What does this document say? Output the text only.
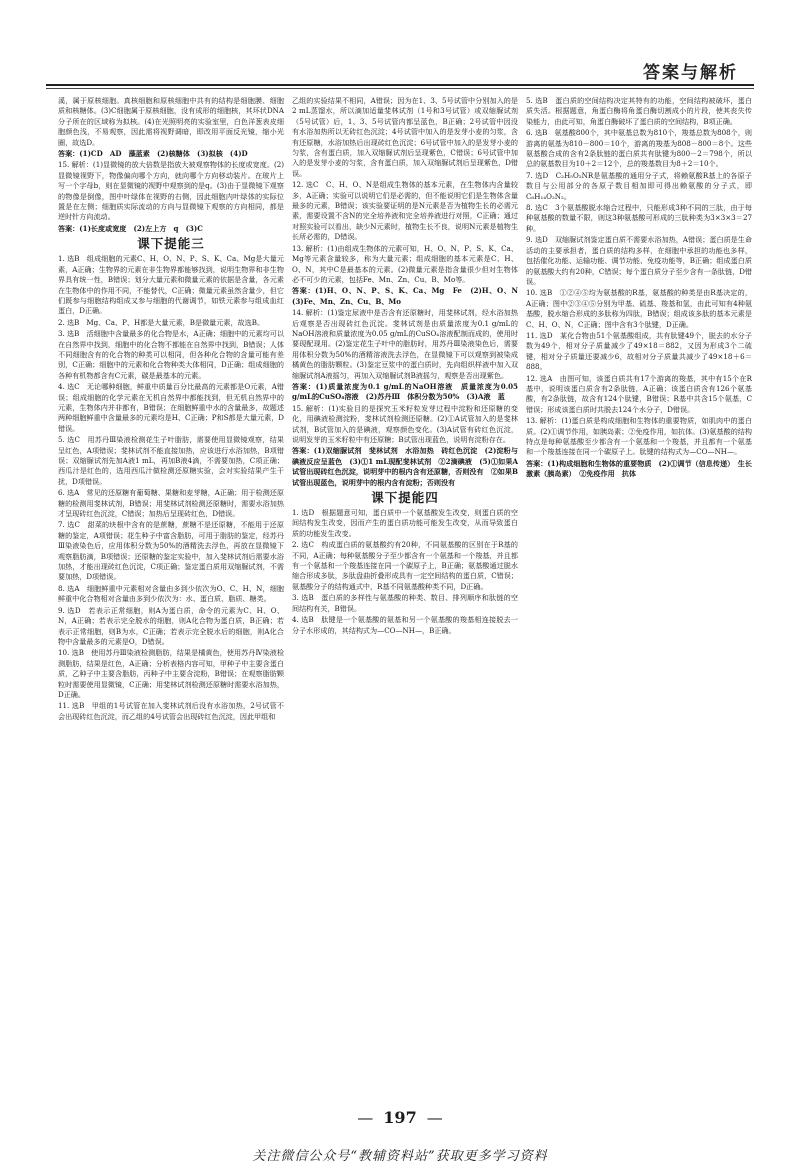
答案与解析

溪，属于原核细胞。真核细胞和原核细胞中共有的结构是细胞膜、细胞质和核糖体。(3)C细胞属于原核细胞，没有成形的细胞核，其环状DNA分子所在的区域称为拟核。(4)在光照明亮的实验室里，白色洋葱表皮细胞颜色浅，不易观察，因此需将视野调暗，即改用平面反光镜，缩小光圈，故选D。

答案：(1)CD　AD　藻蓝素　(2)核糖体　(3)拟核　(4)D

15. 解析：(1)显微镜的放大倍数是指放大被观察物体的长度或宽度。(2)显微镜视野下，物像偏向哪个方向，就向哪个方向移动装片。在玻片上写一个字母b，则在显微镜的视野中观察到的是q。(3)由于显微镜下观察的物像是倒像，图中叶绿体在视野的右侧，因此细胞内叶绿体的实际位置是在左侧；细胞质实际流动的方向与显微镜下观察的方向相同，都是逆时针方向流动。

答案：(1)长度或宽度　(2)左上方　q　(3)C

课下提能三

1. 选B　组成细胞的元素C、H、O、N、P、S、K、Ca、Mg是大量元素，A正确；生物界的元素在非生物界都能够找到，说明生物界和非生物界具有统一性，B错误；划分大量元素和微量元素的依据是含量，各元素在生物体中的作用不同，不能替代，C正确；微量元素虽然含量少，但它们既参与细胞结构组成又参与细胞的代谢调节，如铁元素参与组成血红蛋白，D正确。

2. 选B　Mg、Ca、P、H都是大量元素，B是微量元素，故选B。

3. 选B　活细胞中含量最多的化合物是水，A正确；细胞中的元素均可以在自然界中找到，细胞中的化合物不都能在自然界中找到，B错误；人体不同细胞含有的化合物的种类可以相同，但各种化合物的含量可能有差别，C正确；细胞中的元素和化合物种类大体相同，D正确；组成细胞的各种有机物都含有C元素，碳是最基本的元素。

4. 选C　无论哪种细胞，鲜重中质量百分比最高的元素都是O元素，A错误；组成细胞的化学元素在无机自然界中都能找到，但无机自然界中的元素，生物体内并非都有，B错误；在细胞鲜重中水的含量最多，故题述两种细胞鲜重中含量最多的元素均是H、C正确；P和S都是大量元素，D错误。

5. 选C　用苏丹Ⅲ染液检测花生子叶脂肪，需要使用显微镜观察，结果呈红色，A项错误；斐林试剂不能直接加热，应该进行水浴加热，B项错误；双缩脲试剂先加A液1 mL，再加B液4滴，不需要加热，C项正确；西瓜汁是红色的，选用西瓜汁做检测还原糖实验，会对实验结果产生干扰，D项错误。

6. 选A　常见的还原糖有葡萄糖、果糖和麦芽糖，A正确；用于检测还原糖的检测用斐林试剂，B错误；用斐林试剂检测还原糖时，需要水浴加热才呈现砖红色沉淀，C错误；加热后呈现砖红色，D错误。

7. 选C　甜菜的块根中含有的是蔗糖，蔗糖不是还原糖，不能用于还原糖的鉴定，A项错误；花生种子中富含脂肪，可用于脂肪的鉴定，经苏丹Ⅲ染液染色后，应用体积分数为50%的酒精洗去浮色，再放在显微镜下观察脂肪滴，B项错误；还原糖的鉴定实验中，加入斐林试剂后需要水浴加热，才能出现砖红色沉淀，C项正确；鉴定蛋白质用双缩脲试剂，不需要加热，D项错误。

8. 选A　细胞鲜重中元素相对含量由多到少依次为O、C、H、N，细胞鲜重中化合物相对含量由多到少依次为：水、蛋白质、脂质、糖类。

9. 选D　若表示正常细胞，则A为蛋白质，命令的元素为C、H、O、N，A正确；若表示完全脱水的细胞，则A化合物为蛋白质，B正确；若表示正常细胞，则B为水，C正确；若表示完全脱水后的细胞，则A化合物中含量最多的元素是O，D错误。

10. 选B　使用苏丹Ⅲ染液检测脂肪，结果是橘黄色，使用苏丹Ⅳ染液检测脂肪，结果是红色，A正确；分析表格内容可知，甲种子中主要含蛋白质，乙种子中主要含脂肪，丙种子中主要含淀粉，B错误；在观察脂肪颗粒时需要使用显微镜，C正确；用斐林试剂检测还原糖时需要水浴加热，D正确。

11. 选B　甲组的1号试管在加入斐林试剂后没有水浴加热，2号试管不会出现砖红色沉淀，而乙组的4号试管会出现砖红色沉淀，因此甲组和

乙组的实验结果不相同，A错误；因为在1、3、5号试管中分别加入的是2 mL蒸馏水，所以滴加适量斐林试剂（1号和3号试管）或双缩脲试剂（5号试管）后，1、3、5号试管内都呈蓝色，B正确；2号试管中因没有水浴加热所以无砖红色沉淀；4号试管中加入的是发芽小麦的匀浆，含有还原糖，水浴加热后出现砖红色沉淀；6号试管中加入的是发芽小麦的匀浆，含有蛋白质，加入双缩脲试剂后呈现紫色，C错误；6号试管中加入的是发芽小麦的匀浆，含有蛋白质，加入双缩脲试剂后呈现紫色，D错误。

12. 选C　C、H、O、N是组成生物体的基本元素，在生物体内含量较多，A正确；实验可以说明它们是必需的，但不能说明它们是生物体含量最多的元素，B错误；该实验要证明的是N元素是否为植物生长的必需元素，需要设置不含N的完全培养液和完全培养液进行对照，C正确；通过对照实验可以看出，缺少N元素时，植物生长不良，说明N元素是植物生长所必需的，D错误。

13. 解析：(1)由组成生物体的元素可知，H、O、N、P、S、K、Ca、Mg等元素含量较多，称为大量元素；组成细胞的基本元素是C、H、O、N，其中C是最基本的元素。(2)微量元素是指含量很少但对生物体必不可少的元素，包括Fe、Mn、Zn、Cu、B、Mo等。

答案：(1)H、O、N、P、S、K、Ca、Mg　Fe　(2)H、O、N　(3)Fe、Mn、Zn、Cu、B、Mo

14. 解析：(1)鉴定尿液中是否含有还原糖时，用斐林试剂，经水浴加热后观察是否出现砖红色沉淀。斐林试剂是由质量浓度为0.1 g/mL的NaOH溶液和质量浓度为0.05 g/mL的CuSO₄溶液配制而成的，使用时要现配现用。(2)鉴定花生子叶中的脂肪时，用苏丹Ⅲ染液染色后，需要用体积分数为50%的酒精溶液洗去浮色，在显微镜下可以观察到被染成橘黄色的脂肪颗粒。(3)鉴定豆浆中的蛋白质时，先向组织样液中加入双缩脲试剂A液摇匀，再加入双缩脲试剂B液摇匀，观察是否出现紫色。

答案：(1)质量浓度为0.1 g/mL的NaOH溶液　质量浓度为0.05 g/mL的CuSO₄溶液　(2)苏丹Ⅲ　体积分数为50%　(3)A液　蓝

15. 解析：(1)实验目的是探究玉米籽粒发芽过程中淀粉和还原糖的变化，用碘液检测淀粉，斐林试剂检测还原糖。(2)①A试管加入的是斐林试剂，B试管加入的是碘液，观察颜色变化。(3)A试管有砖红色沉淀，说明发芽的玉米籽粒中有还原糖；B试管出现蓝色，说明有淀粉存在。

答案：(1)双缩脲试剂　斐林试剂　水浴加热　砖红色沉淀　(2)淀粉与碘液反应呈蓝色　(3)①1 mL现配斐林试剂　②2滴碘液　(5)①如果A试管出现砖红色沉淀，说明芽中的根内含有还原糖，否则没有　②如果B试管出现蓝色，说明芽中的根内含有淀粉；否则没有

课下提能四

1. 选D　根据题意可知，蛋白质中一个氨基酸发生改变，则蛋白质的空间结构发生改变，因而产生的蛋白质功能可能发生改变，从而导致蛋白质的功能发生改变。

2. 选C　构成蛋白质的氨基酸约有20种，不同氨基酸的区别在于R基的不同，A正确；每种氨基酸分子至少都含有一个氨基和一个羧基，并且都有一个氨基和一个羧基连接在同一个碳原子上，B正确；氨基酸通过脱水缩合形成多肽，多肽盘曲折叠形成具有一定空间结构的蛋白质，C错误；氨基酸分子的结构通式中，R基不同氨基酸种类不同，D正确。

3. 选B　蛋白质的多样性与氨基酸的种类、数目、排列顺序和肽链的空间结构有关，B错误。

4. 选B　肽键是一个氨基酸的氨基和另一个氨基酸的羧基相连接脱去一分子水形成的，其结构式为—CO—NH—，B正确。

5. 选B　蛋白质的空间结构决定其特有的功能，空间结构被破坏，蛋白质失活。根据题意，角蛋白酶将角蛋白酶切割成小的片段，使其丧失传染能力，由此可知，角蛋白酶破坏了蛋白质的空间结构，B项正确。

6. 选B　氨基酸800个，其中氨基总数为810个，羧基总数为808个，则游离的氨基为810－800＝10个，游离的羧基为808－800＝8个。这些氨基酸合成的含有2条肽链的蛋白质共有肽键为800－2＝798个，所以总的氨基数目为10＋2＝12个，总的羧基数目为8＋2＝10个。

7. 选D　C₂H₅O₂NR是氨基酸的通用分子式，将赖氨酸R基上的各原子数目与公用部分的各原子数目相加即可得出赖氨酸的分子式，即C₆H₁₄O₂N₂。

8. 选C　3个氨基酸脱水缩合过程中，只能形成3种不同的三肽，由于每种氨基酸的数量不限，则这3种氨基酸可形成的三肽种类为3×3×3＝27种。

9. 选D　双缩脲试剂鉴定蛋白质不需要水浴加热，A错误；蛋白质是生命活动的主要承担者，蛋白质的结构多样，在细胞中承担的功能也多样，包括催化功能、运输功能、调节功能、免疫功能等，B正确；组成蛋白质的氨基酸大约有20种，C错误；每个蛋白质分子至少含有一条肽链，D错误。

10. 选B　①②④⑤均为氨基酸的R基，氨基酸的种类是由R基决定的，A正确；图中②③④⑤分别为甲基、硫基、羧基和氢，由此可知有4种氨基酸，脱水缩合形成的多肽称为四肽，B错误；组成该多肽的基本元素是C、H、O、N，C正确；图中含有3个肽键，D正确。

11. 选D　某化合物由51个氨基酸组成，共有肽键49个，脱去的水分子数为49个，相对分子质量减少了49×18＝882，又因为形成3个二硫键，相对分子质量还要减少6，故相对分子质量共减少了49×18＋6＝888。

12. 选A　由图可知，该蛋白质共有17个游离的羧基，其中有15个在R基中，说明该蛋白质含有2条肽链，A正确；该蛋白质含有126个氨基酸，有2条肽链，故含有124个肽键，B错误；R基中共含15个氨基，C错误；形成该蛋白质时共脱去124个水分子，D错误。

13. 解析：(1)蛋白质是构成细胞和生物体的重要物质，如肌肉中的蛋白质。(2)①调节作用，如胰岛素；②免疫作用，如抗体。(3)氨基酸的结构特点是每种氨基酸至少都含有一个氨基和一个羧基，并且都有一个氨基和一个羧基连接在同一个碳原子上。肽键的结构式为—CO—NH—。

答案：(1)构成细胞和生物体的重要物质　(2)①调节（信息传递）　生长激素（胰岛素）　②免疫作用　抗体

— 197 —
关注微信公众号“教辅资料站”获取更多学习资料
